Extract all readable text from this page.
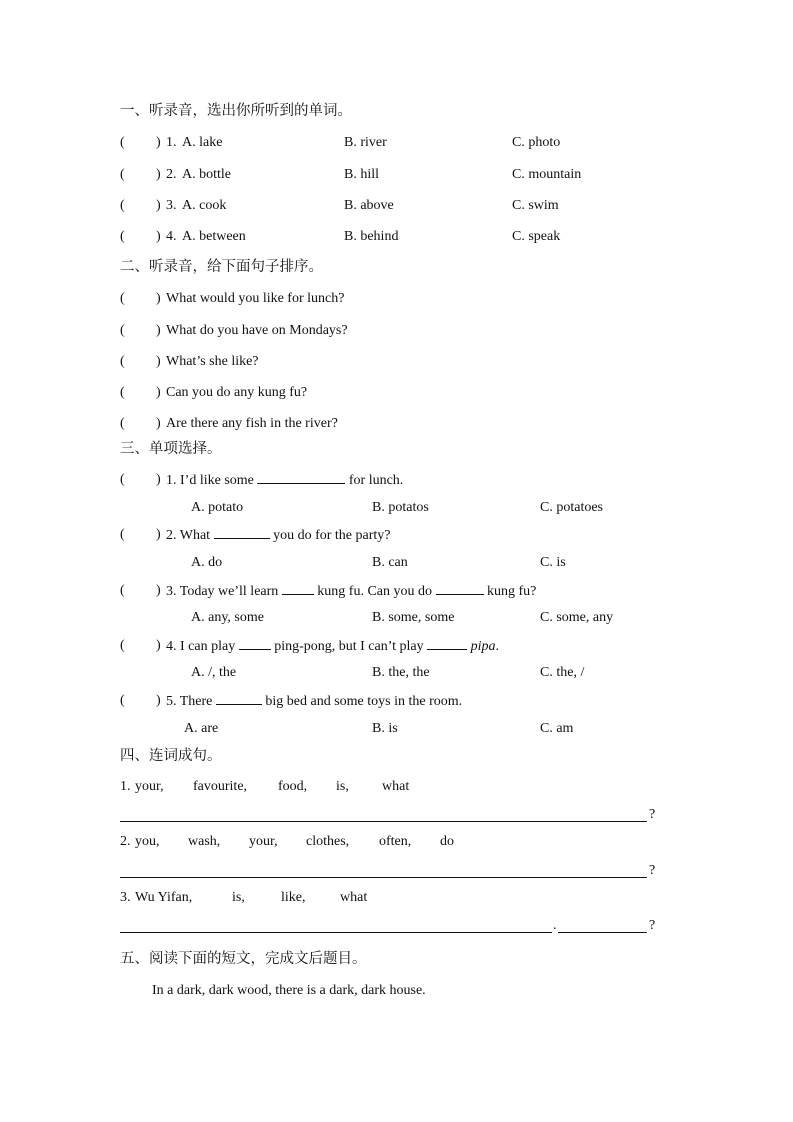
一、听录音，选出你所听到的单词。
( ) 1. A. lake	B. river	C. photo
( ) 2. A. bottle	B. hill	C. mountain
( ) 3. A. cook	B. above	C. swim
( ) 4. A. between	B. behind	C. speak
二、听录音，给下面句子排序。
( ) What would you like for lunch?
( ) What do you have on Mondays?
( ) What’s she like?
( ) Can you do any kung fu?
( ) Are there any fish in the river?
三、单项选择。
( ) 1. I’d like some	for lunch.
A. potato	B. potatos	C. potatoes
( ) 2. What	you do for the party?
A. do	B. can	C. is
( ) 3. Today we’ll learn	kung fu. Can you do	kung fu?
A. any, some	B. some, some	C. some, any
( ) 4. I can play	ping-pong, but I can’t play	pipa.
A. /, the	B. the, the	C. the, /
( ) 5. There	big bed and some toys in the room.
A. are	B. is	C. am
四、连词成句。
1. your, favourite, food, is, what
?
2. you, wash, your, clothes, often, do
?
3. Wu Yifan,	is,	like, what
.	?
五、阅读下面的短文，完成文后题目。
In a dark, dark wood, there is a dark, dark house.
